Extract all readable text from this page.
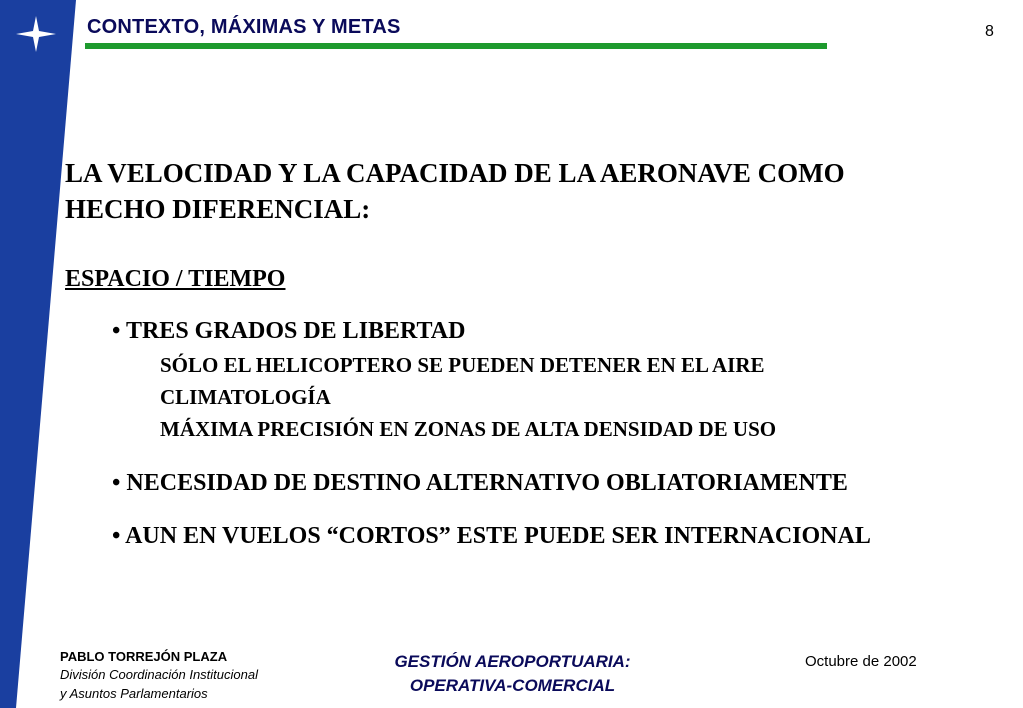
CONTEXTO, MÁXIMAS Y METAS	8
LA VELOCIDAD Y LA CAPACIDAD DE LA AERONAVE COMO
HECHO DIFERENCIAL:
ESPACIO / TIEMPO
• TRES GRADOS DE LIBERTAD
SÓLO EL HELICOPTERO SE PUEDEN DETENER EN EL AIRE
CLIMATOLOGÍA
MÁXIMA PRECISIÓN EN ZONAS DE ALTA DENSIDAD DE USO
• NECESIDAD DE DESTINO ALTERNATIVO OBLIATORIAMENTE
• AUN EN VUELOS “CORTOS” ESTE PUEDE SER INTERNACIONAL
PABLO TORREJÓN PLAZA
División Coordinación Institucional
y Asuntos Parlamentarios
GESTIÓN AEROPORTUARIA:
OPERATIVA-COMERCIAL
Octubre de 2002
